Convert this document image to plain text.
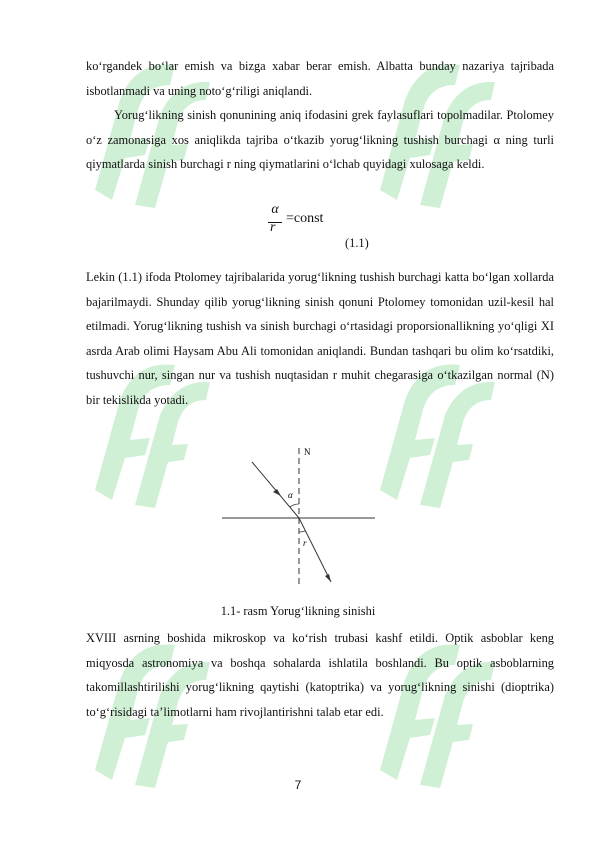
ko‘rgandek bo‘lar emish va bizga xabar berar emish. Albatta bunday nazariya tajribada isbotlanmadi va uning noto‘g‘riligi aniqlandi.

Yorug‘likning sinish qonunining aniq ifodasini grek faylasuflari topolmadilar. Ptolomey o‘z zamonasiga xos aniqlikda tajriba o‘tkazib yorug‘likning tushish burchagi α ning turli qiymatlarda sinish burchagi r ning qiymatlarini o‘lchab quyidagi xulosaga keldi.

α
r
=const
(1.1)

Lekin (1.1) ifoda Ptolomey tajribalarida yorug‘likning tushish burchagi katta bo‘lgan xollarda bajarilmaydi. Shunday qilib yorug‘likning sinish qonuni Ptolomey tomonidan uzil-kesil hal etilmadi. Yorug‘likning tushish va sinish burchagi o‘rtasidagi proporsionallikning yo‘qligi XI asrda Arab olimi Haysam Abu Ali tomonidan aniqlandi. Bundan tashqari bu olim ko‘rsatdiki, tushuvchi nur, singan nur va tushish nuqtasidan r muhit chegarasiga o‘tkazilgan normal (N) bir tekislikda yotadi.

N
α
r
1.1- rasm Yorug‘likning sinishi

XVIII asrning boshida mikroskop va ko‘rish trubasi kashf etildi. Optik asboblar keng miqyosda astronomiya va boshqa sohalarda ishlatila boshlandi. Bu optik asboblarning takomillashtirilishi yorug‘likning qaytishi (katoptrika) va yorug‘likning sinishi (dioptrika) to‘g‘risidagi ta’limotlarni ham rivojlantirishni talab etar edi.

7
